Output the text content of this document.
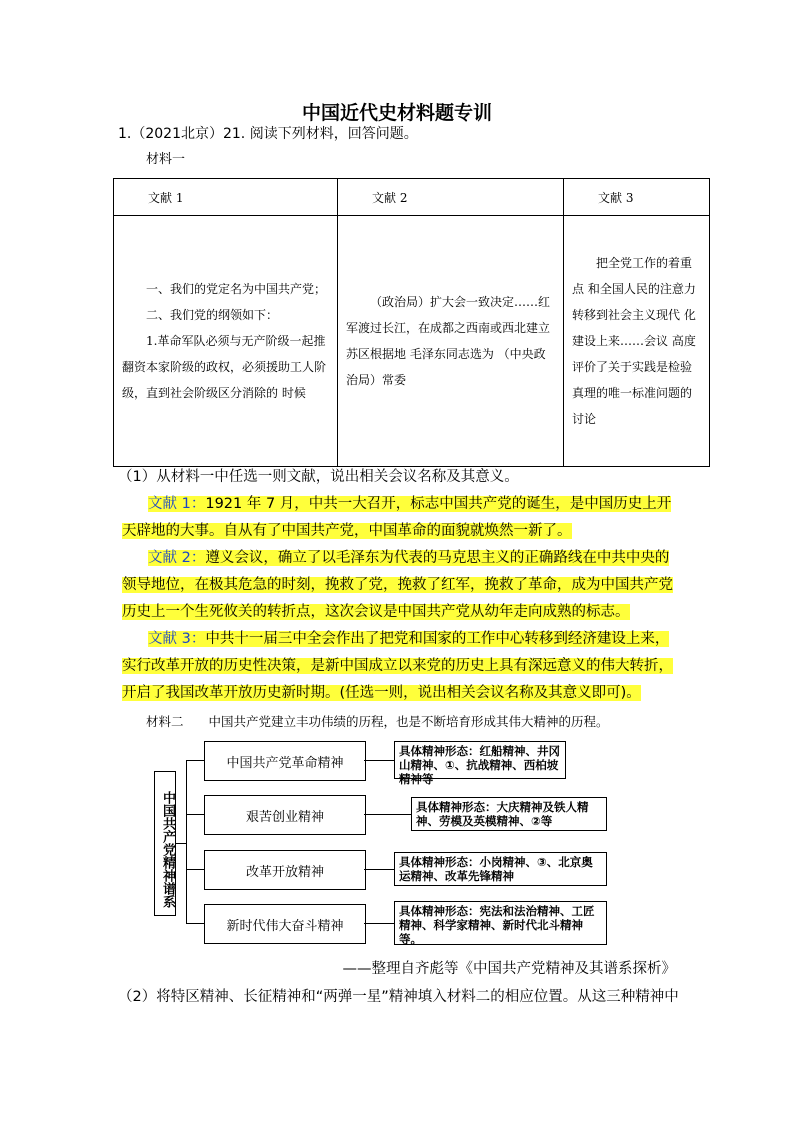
中国近代史材料题专训
1.（2021北京）21. 阅读下列材料，回答问题。
材料一
文献 1	文献 2	文献 3

一、我们的党定名为中国共产党；
二、我们党的纲领如下：
1.革命军队必须与无产阶级一起推翻资本家阶级的政权，必须援助工人阶级，直到社会阶级区分消除的 时候	（政治局）扩大会一致决定……红军渡过长江，在成都之西南或西北建立苏区根据地 毛泽东同志选为 （中央政治局）常委	把全党工作的着重点 和全国人民的注意力转移到社会主义现代 化建设上来……会议 高度评价了关于实践是检验真理的唯一标准问题的讨论
（1）从材料一中任选一则文献，说出相关会议名称及其意义。
文献 1：1921 年 7 月，中共一大召开，标志中国共产党的诞生，是中国历史上开天辟地的大事。自从有了中国共产党，中国革命的面貌就焕然一新了。
文献 2：遵义会议，确立了以毛泽东为代表的马克思主义的正确路线在中共中央的领导地位，在极其危急的时刻，挽救了党，挽救了红军，挽救了革命，成为中国共产党历史上一个生死攸关的转折点，这次会议是中国共产党从幼年走向成熟的标志。
文献 3：中共十一届三中全会作出了把党和国家的工作中心转移到经济建设上来，实行改革开放的历史性决策，是新中国成立以来党的历史上具有深远意义的伟大转折，开启了我国改革开放历史新时期。(任选一则，说出相关会议名称及其意义即可)。
材料二　　中国共产党建立丰功伟绩的历程，也是不断培育形成其伟大精神的历程。
中国共产党精神谱系
中国共产党革命精神
具体精神形态：红船精神、井冈山精神、①、抗战精神、西柏坡精神等
艰苦创业精神
具体精神形态：大庆精神及铁人精神、劳模及英模精神、②等
改革开放精神
具体精神形态：小岗精神、③、北京奥运精神、改革先锋精神
新时代伟大奋斗精神
具体精神形态：宪法和法治精神、工匠精神、科学家精神、新时代北斗精神等。
——整理自齐彪等《中国共产党精神及其谱系探析》
（2）将特区精神、长征精神和“两弹一星”精神填入材料二的相应位置。从这三种精神中
